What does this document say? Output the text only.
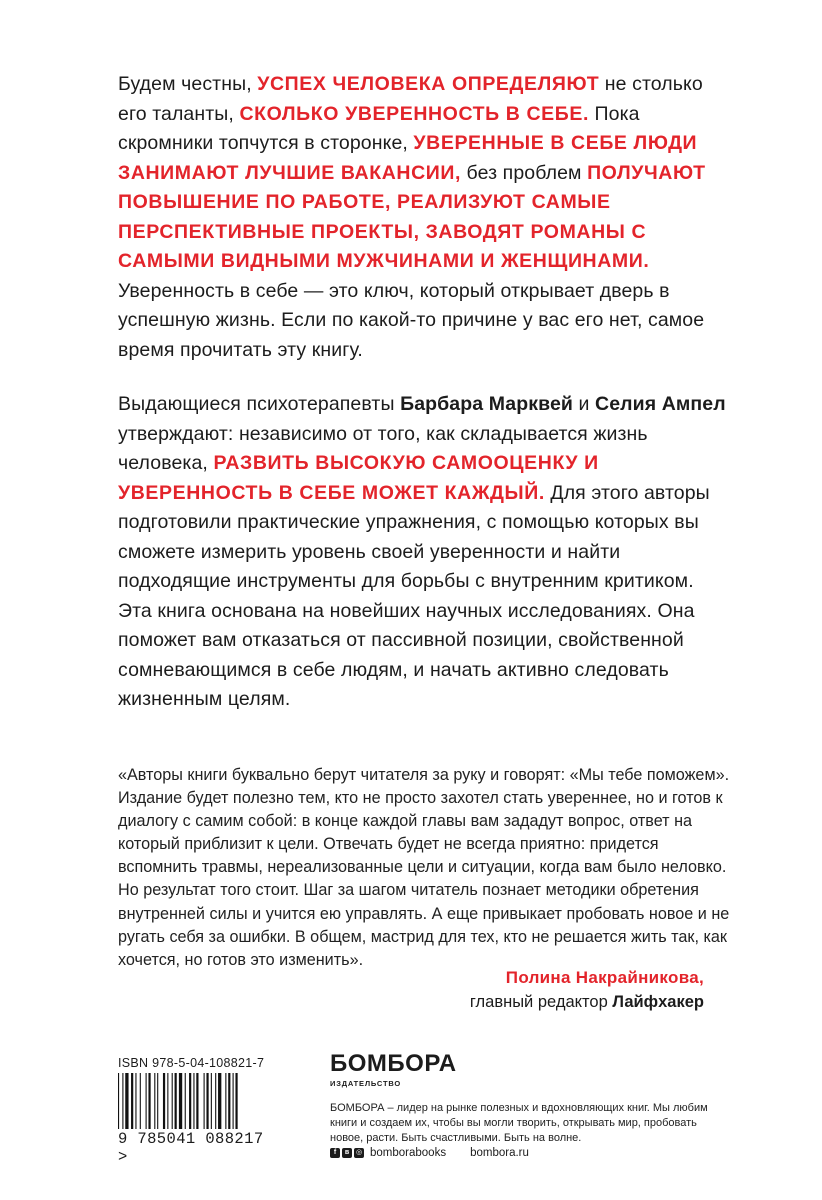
Будем честны, УСПЕХ ЧЕЛОВЕКА ОПРЕДЕЛЯЮТ не столько его таланты, СКОЛЬКО УВЕРЕННОСТЬ В СЕБЕ. Пока скромники топчутся в сторонке, УВЕРЕННЫЕ В СЕБЕ ЛЮДИ ЗАНИМАЮТ ЛУЧШИЕ ВАКАНСИИ, без проблем ПОЛУЧАЮТ ПОВЫШЕНИЕ ПО РАБОТЕ, РЕАЛИЗУЮТ САМЫЕ ПЕРСПЕКТИВНЫЕ ПРОЕКТЫ, ЗАВОДЯТ РОМАНЫ С САМЫМИ ВИДНЫМИ МУЖЧИНАМИ И ЖЕНЩИНАМИ. Уверенность в себе — это ключ, который открывает дверь в успешную жизнь. Если по какой-то причине у вас его нет, самое время прочитать эту книгу.
Выдающиеся психотерапевты Барбара Марквей и Селия Ампел утверждают: независимо от того, как складывается жизнь человека, РАЗВИТЬ ВЫСОКУЮ САМООЦЕНКУ И УВЕРЕННОСТЬ В СЕБЕ МОЖЕТ КАЖДЫЙ. Для этого авторы подготовили практические упражнения, с помощью которых вы сможете измерить уровень своей уверенности и найти подходящие инструменты для борьбы с внутренним критиком. Эта книга основана на новейших научных исследованиях. Она поможет вам отказаться от пассивной позиции, свойственной сомневающимся в себе людям, и начать активно следовать жизненным целям.
«Авторы книги буквально берут читателя за руку и говорят: «Мы тебе поможем». Издание будет полезно тем, кто не просто захотел стать увереннее, но и готов к диалогу с самим собой: в конце каждой главы вам зададут вопрос, ответ на который приблизит к цели. Отвечать будет не всегда приятно: придется вспомнить травмы, нереализованные цели и ситуации, когда вам было неловко. Но результат того стоит. Шаг за шагом читатель познает методики обретения внутренней силы и учится ею управлять. А еще привыкает пробовать новое и не ругать себя за ошибки. В общем, мастрид для тех, кто не решается жить так, как хочется, но готов это изменить».
Полина Накрайникова,
главный редактор Лайфхакер
ISBN 978-5-04-108821-7
9 785041 088217 >
БОМБОРА
ИЗДАТЕЛЬСТВО
БОМБОРА – лидер на рынке полезных и вдохновляющих книг. Мы любим книги и создаем их, чтобы вы могли творить, открывать мир, пробовать новое, расти. Быть счастливыми. Быть на волне.
f	в ◎ bomborabooks bombora.ru
